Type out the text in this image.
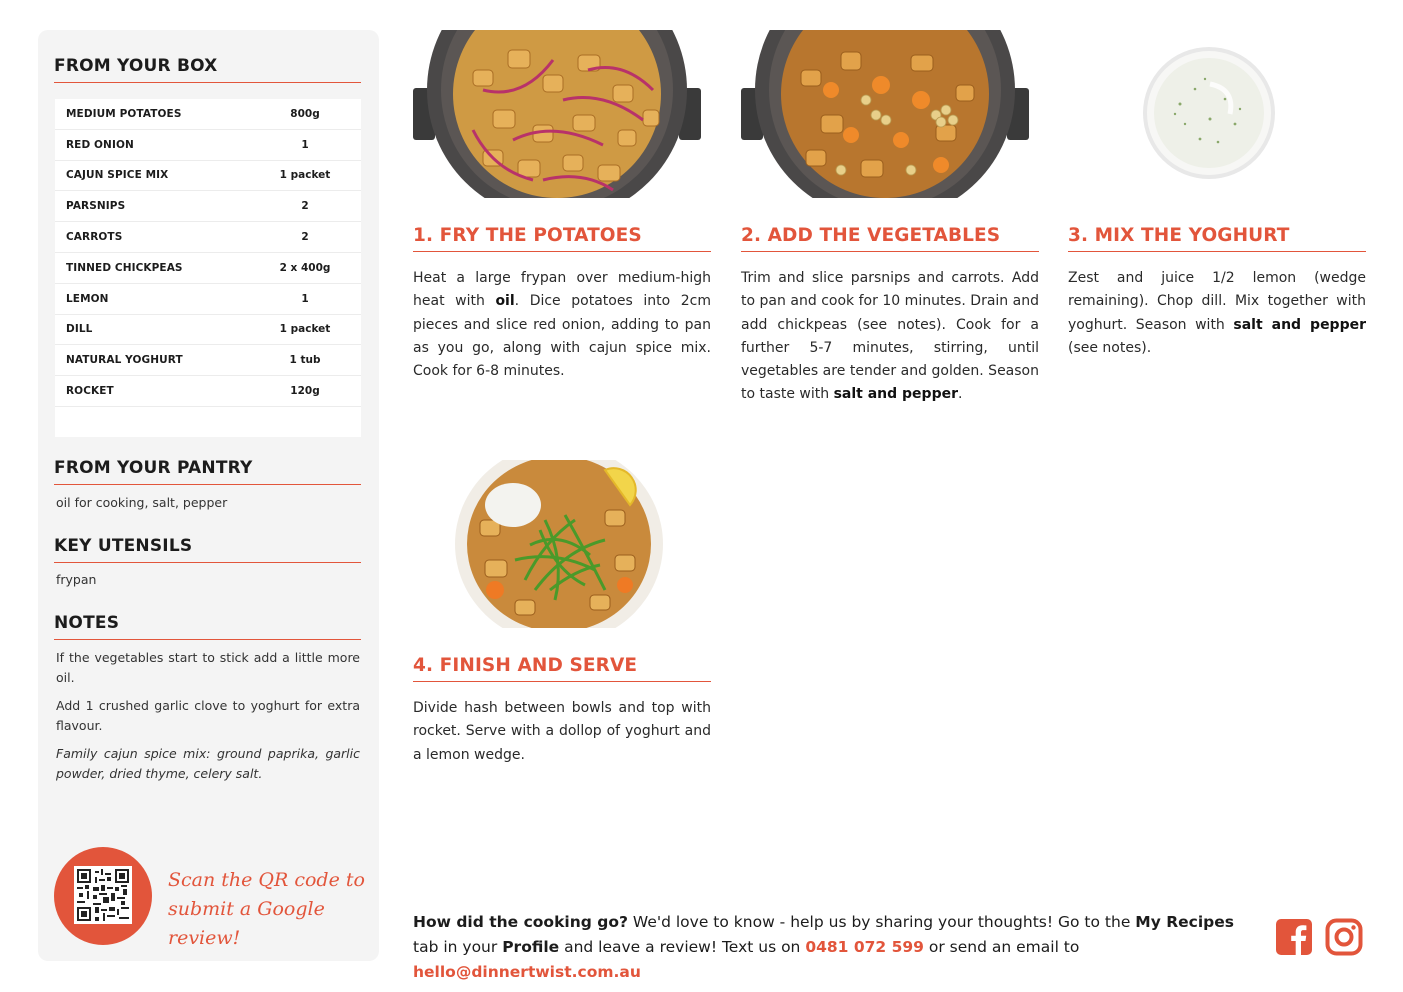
FROM YOUR BOX
MEDIUM POTATOES	800g
RED ONION	1
CAJUN SPICE MIX	1 packet
PARSNIPS	2
CARROTS	2
TINNED CHICKPEAS	2 x 400g
LEMON	1
DILL	1 packet
NATURAL YOGHURT	1 tub
ROCKET	120g
FROM YOUR PANTRY
oil for cooking, salt, pepper
KEY UTENSILS
frypan
NOTES

If the vegetables start to stick add a little more oil.

Add 1 crushed garlic clove to yoghurt for extra flavour.

Family cajun spice mix: ground paprika, garlic powder, dried thyme, celery salt.

Scan the QR code to
submit a Google review!
1. FRY THE POTATOES
Heat a large frypan over medium-high heat with oil. Dice potatoes into 2cm pieces and slice red onion, adding to pan as you go, along with cajun spice mix. Cook for 6-8 minutes.
2. ADD THE VEGETABLES
Trim and slice parsnips and carrots. Add to pan and cook for 10 minutes. Drain and add chickpeas (see notes). Cook for a further 5-7 minutes, stirring, until vegetables are tender and golden. Season to taste with salt and pepper.
3. MIX THE YOGHURT
Zest and juice 1/2 lemon (wedge remaining). Chop dill. Mix together with yoghurt. Season with salt and pepper (see notes).
4. FINISH AND SERVE
Divide hash between bowls and top with rocket. Serve with a dollop of yoghurt and a lemon wedge.
How did the cooking go? We'd love to know - help us by sharing your thoughts! Go to the My Recipes tab in your Profile and leave a review! Text us on 0481 072 599 or send an email to hello@dinnertwist.com.au
